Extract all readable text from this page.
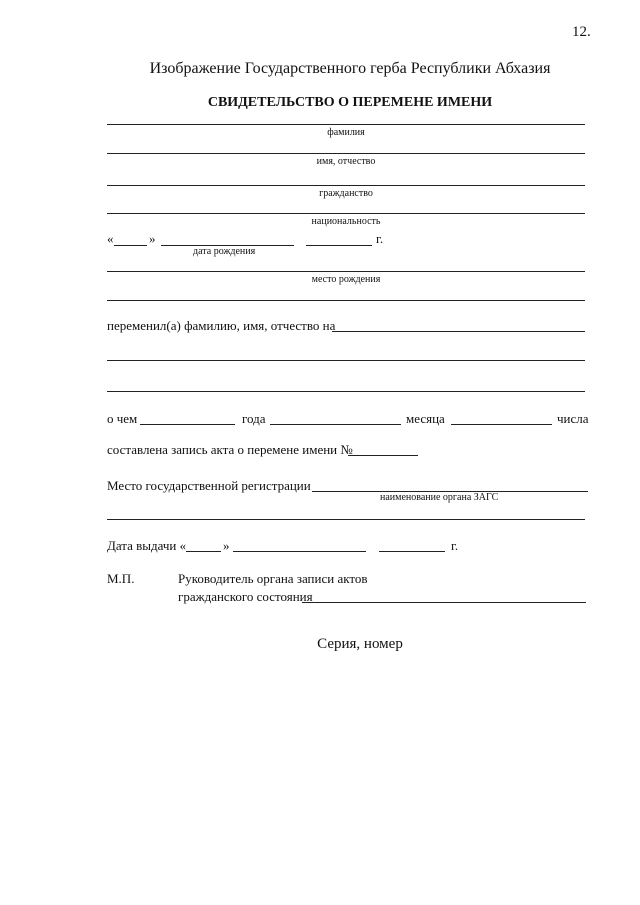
12.
Изображение Государственного герба Республики Абхазия
СВИДЕТЕЛЬСТВО О ПЕРЕМЕНЕ ИМЕНИ
фамилия
имя, отчество
гражданство
национальность
«	»	г.
дата рождения
место рождения
переменил(а) фамилию, имя, отчество на
о чем	года	месяца	числа
составлена запись акта о перемене имени №
Место государственной регистрации
наименование органа ЗАГС
Дата выдачи «	»	г.
М.П.	Руководитель органа записи актов
гражданского состояния
Серия, номер
